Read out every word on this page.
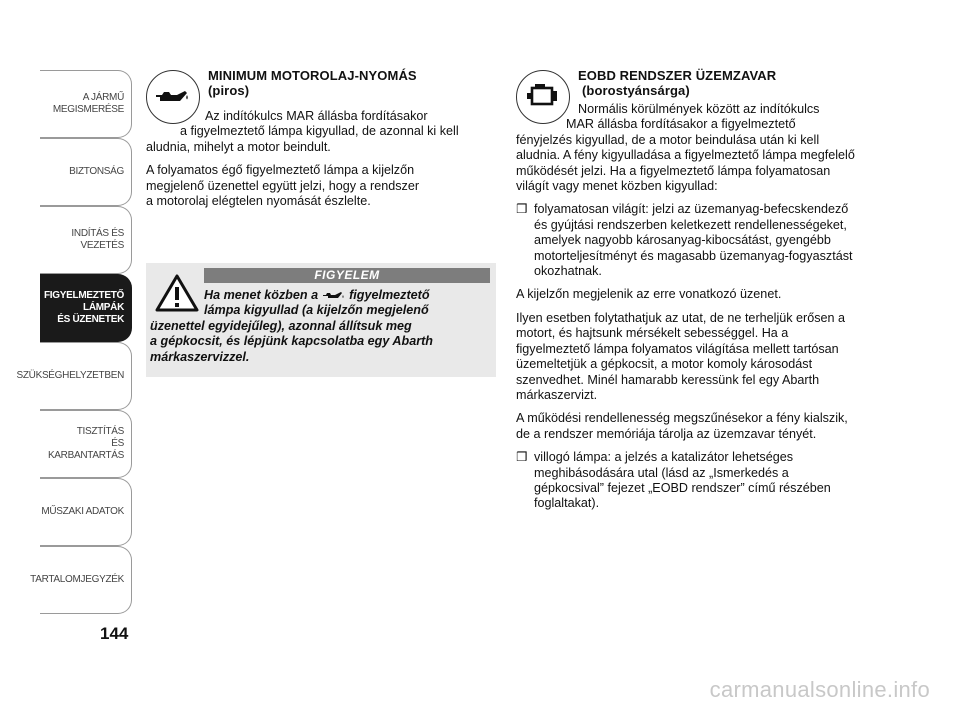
A JÁRMŰ
MEGISMERÉSE
BIZTONSÁG
INDÍTÁS ÉS VEZETÉS
FIGYELMEZTETŐ
LÁMPÁK
ÉS ÜZENETEK
SZÜKSÉGHELYZETBEN
TISZTÍTÁS
ÉS KARBANTARTÁS
MŰSZAKI ADATOK
TARTALOMJEGYZÉK
144
MINIMUM MOTOROLAJ-NYOMÁS
(piros)
Az indítókulcs MAR állásba fordításakor
a figyelmeztető lámpa kigyullad, de azonnal ki kell
aludnia, mihelyt a motor beindult.
A folyamatos égő figyelmeztető lámpa a kijelzőn
megjelenő üzenettel együtt jelzi, hogy a rendszer
a motorolaj elégtelen nyomását észlelte.
FIGYELEM
Ha menet közben a figyelmeztető
lámpa kigyullad (a kijelzőn megjelenő
üzenettel egyidejűleg), azonnal állítsuk meg
a gépkocsit, és lépjünk kapcsolatba egy Abarth
márkaszervizzel.
EOBD RENDSZER ÜZEMZAVAR
(borostyánsárga)
Normális körülmények között az indítókulcs
MAR állásba fordításakor a figyelmeztető
fényjelzés kigyullad, de a motor beindulása után ki kell aludnia. A fény kigyulladása a figyelmeztető lámpa megfelelő működését jelzi. Ha a figyelmeztető lámpa folyamatosan világít vagy menet közben kigyullad:
❒ folyamatosan világít: jelzi az üzemanyag-befecskendező és gyújtási rendszerben keletkezett rendellenességeket, amelyek nagyobb károsanyag-kibocsátást, gyengébb motorteljesítményt és magasabb üzemanyag-fogyasztást okozhatnak.

A kijelzőn megjelenik az erre vonatkozó üzenet.

Ilyen esetben folytathatjuk az utat, de ne terheljük erősen a motort, és hajtsunk mérsékelt sebességgel. Ha a figyelmeztető lámpa folyamatos világítása mellett tartósan üzemeltetjük a gépkocsit, a motor komoly károsodást szenvedhet. Minél hamarabb keressünk fel egy Abarth márkaszervizt.

A működési rendellenesség megszűnésekor a fény kialszik, de a rendszer memóriája tárolja az üzemzavar tényét.

❒ villogó lámpa: a jelzés a katalizátor lehetséges meghibásodására utal (lásd az „Ismerkedés a gépkocsival” fejezet „EOBD rendszer” című részében foglaltakat).
carmanualsonline.info
